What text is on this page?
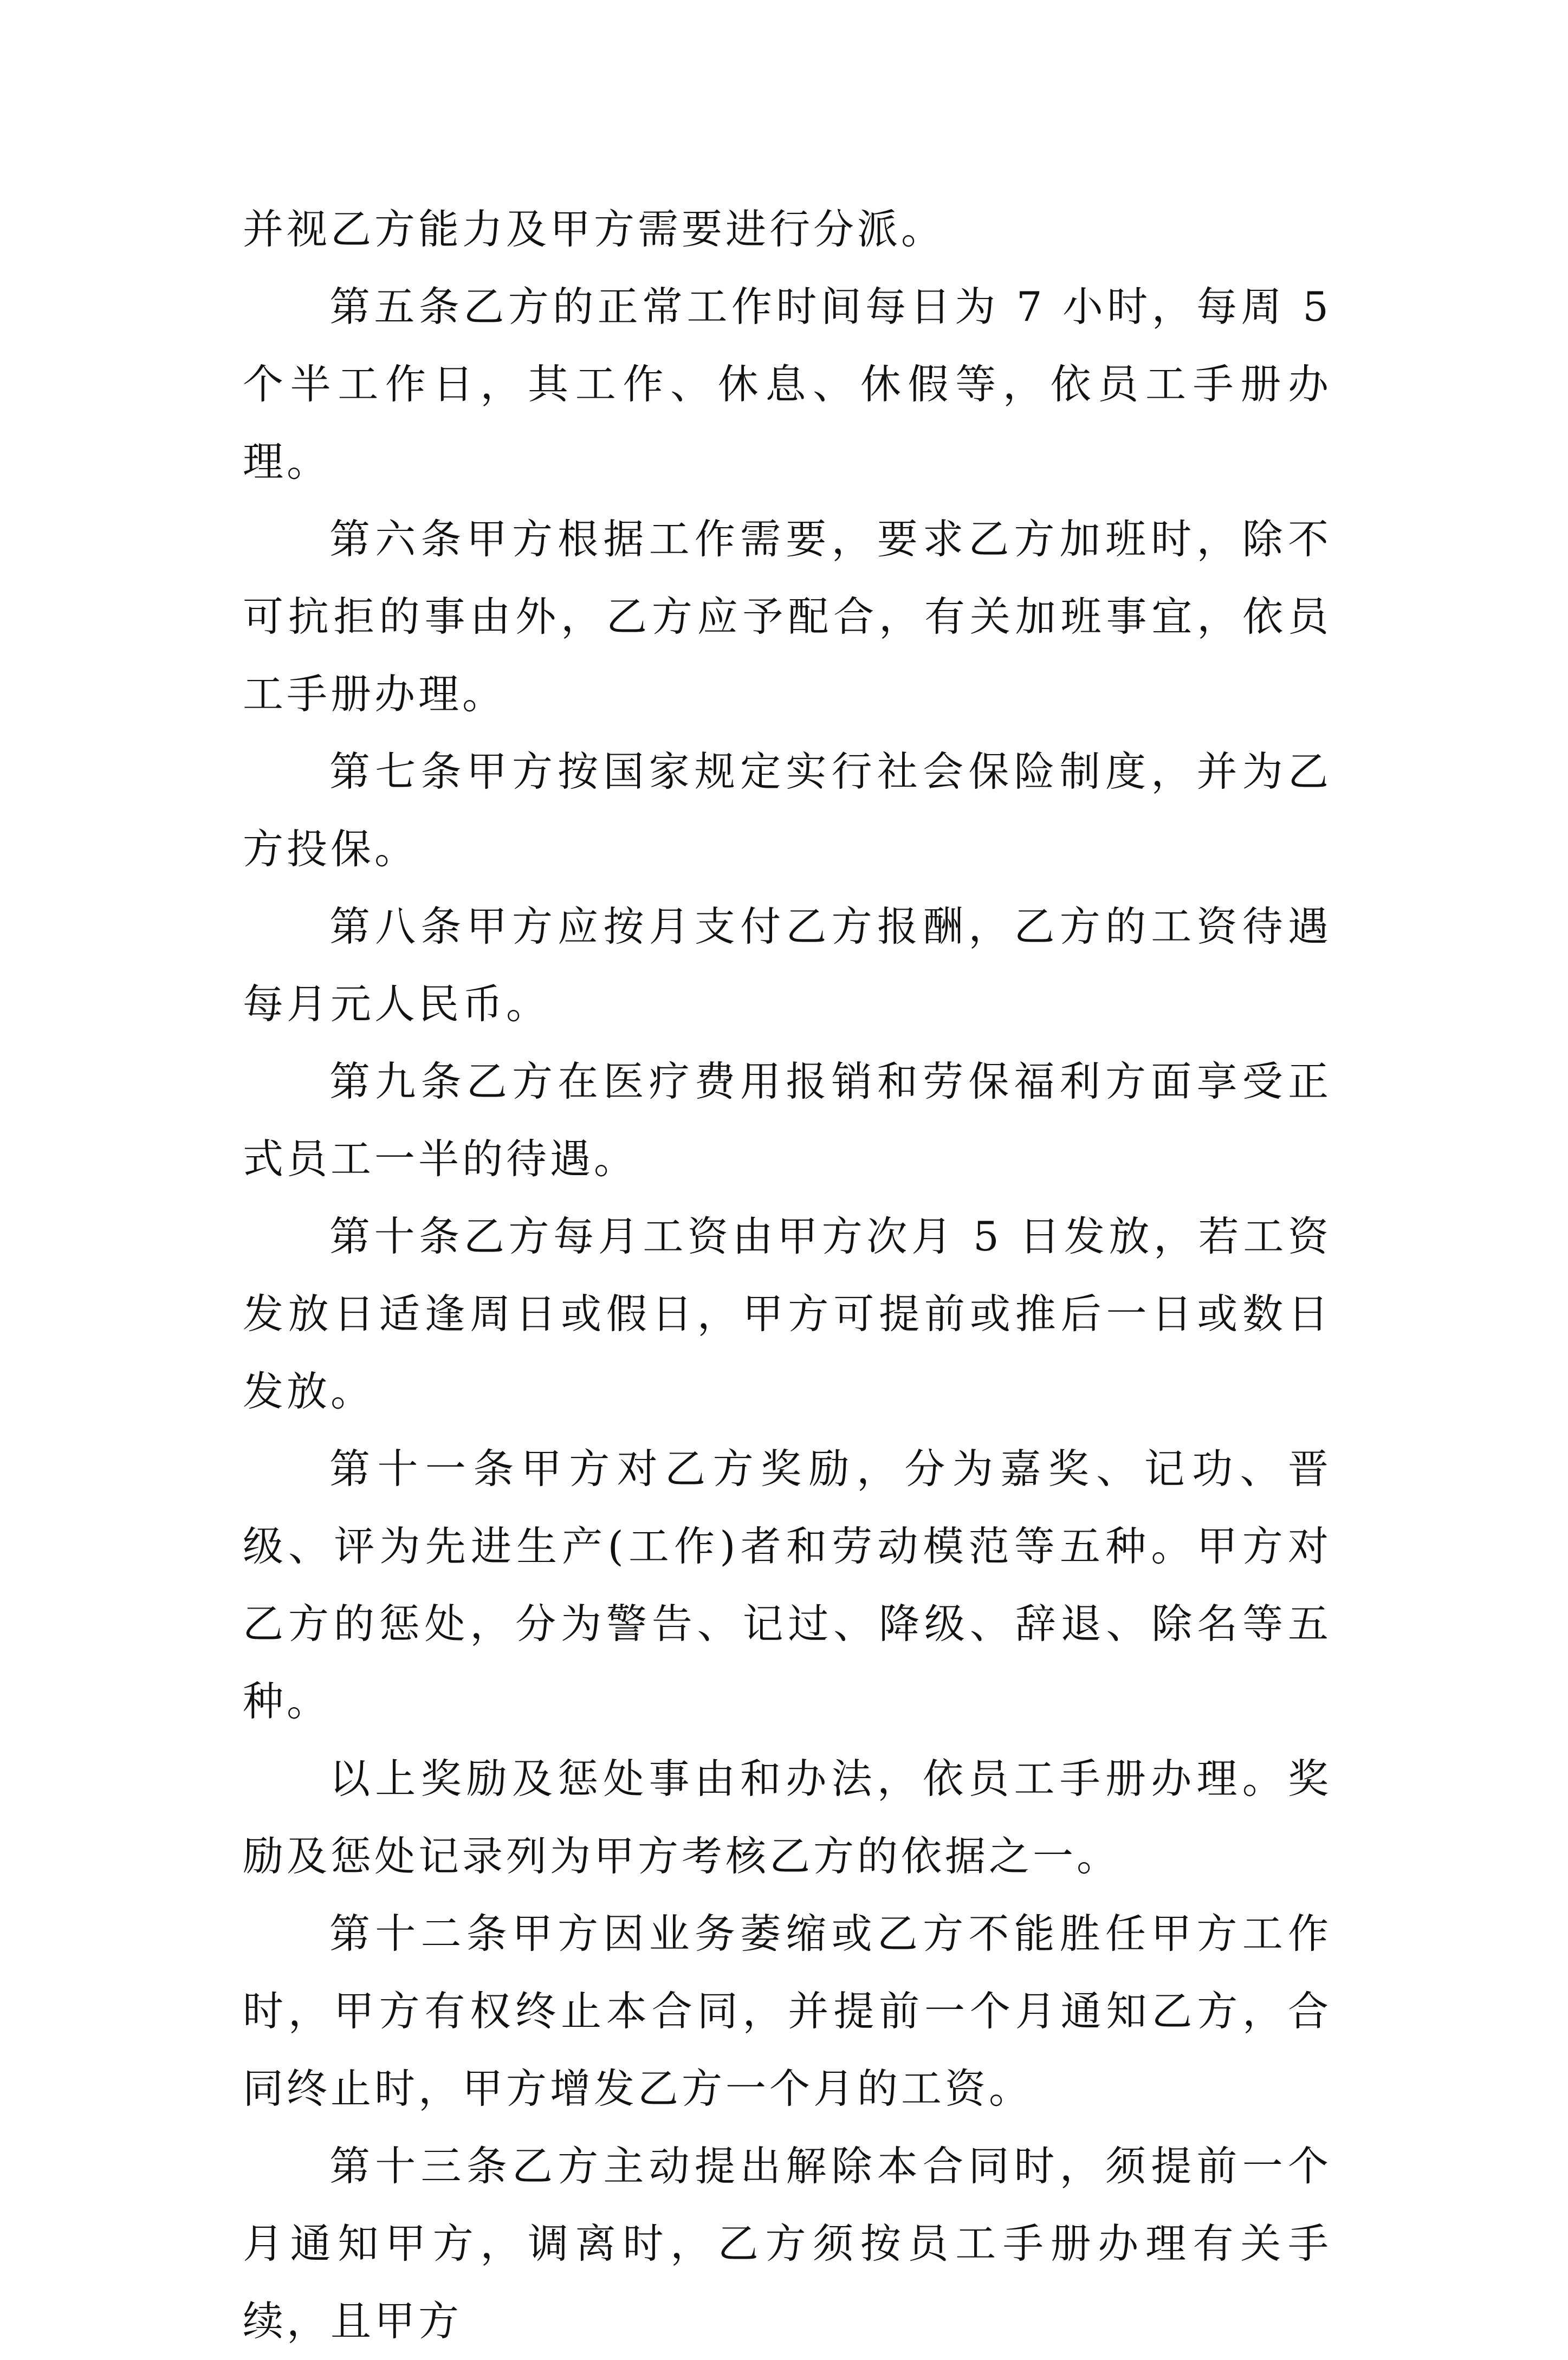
并视乙方能力及甲方需要进行分派。

第五条乙方的正常工作时间每日为 7 小时，每周 5 个半工作日，其工作、休息、休假等，依员工手册办理。

第六条甲方根据工作需要，要求乙方加班时，除不可抗拒的事由外，乙方应予配合，有关加班事宜，依员工手册办理。

第七条甲方按国家规定实行社会保险制度，并为乙方投保。

第八条甲方应按月支付乙方报酬，乙方的工资待遇每月元人民币。

第九条乙方在医疗费用报销和劳保福利方面享受正式员工一半的待遇。

第十条乙方每月工资由甲方次月 5 日发放，若工资发放日适逢周日或假日，甲方可提前或推后一日或数日发放。

第十一条甲方对乙方奖励，分为嘉奖、记功、晋级、评为先进生产(工作)者和劳动模范等五种。甲方对乙方的惩处，分为警告、记过、降级、辞退、除名等五种。

以上奖励及惩处事由和办法，依员工手册办理。奖励及惩处记录列为甲方考核乙方的依据之一。

第十二条甲方因业务萎缩或乙方不能胜任甲方工作时，甲方有权终止本合同，并提前一个月通知乙方，合同终止时，甲方增发乙方一个月的工资。

第十三条乙方主动提出解除本合同时，须提前一个月通知甲方，调离时，乙方须按员工手册办理有关手续，且甲方
